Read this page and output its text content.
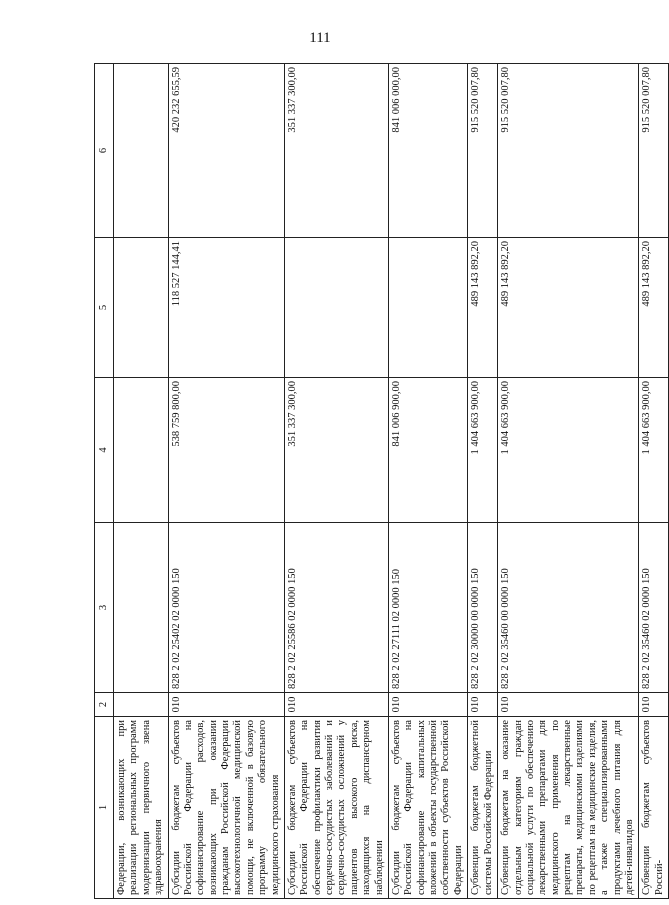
111
1	2	3	4	5	6
Федерации, возникающих при реализации региональных программ модернизации первичного звена здравоохранения					
Субсидии бюджетам субъектов Российской Федерации на софинансирование расходов, возникающих при оказании гражданам Российской Федерации высокотехнологичной медицинской помощи, не включенной в базовую программу обязательного медицинского страхования	010	828 2 02 25402 02 0000 150	538 759 800,00	118 527 144,41	420 232 655,59
Субсидии бюджетам субъектов Российской Федерации на обеспечение профилактики развития сердечно-сосудистых заболеваний и сердечно-сосудистых осложнений у пациентов высокого риска, находящихся на диспансерном наблюдении	010	828 2 02 25586 02 0000 150	351 337 300,00		351 337 300,00
Субсидии бюджетам субъектов Российской Федерации на софинансирование капитальных вложений в объекты государственной собственности субъектов Российской Федерации	010	828 2 02 27111 02 0000 150	841 006 900,00		841 006 000,00
Субвенции бюджетам бюджетной системы Российской Федерации	010	828 2 02 30000 00 0000 150	1 404 663 900,00	489 143 892,20	915 520 007,80
Субвенции бюджетам на оказание отдельным категориям граждан социальной услуги по обеспечению лекарственными препаратами для медицинского применения по рецептам на лекарственные препараты, медицинскими изделиями по рецептам на медицинские изделия, а также специализированными продуктами лечебного питания для детей-инвалидов	010	828 2 02 35460 00 0000 150	1 404 663 900,00	489 143 892,20	915 520 007,80
Субвенции бюджетам субъектов Россий-	010	828 2 02 35460 02 0000 150	1 404 663 900,00	489 143 892,20	915 520 007,80
